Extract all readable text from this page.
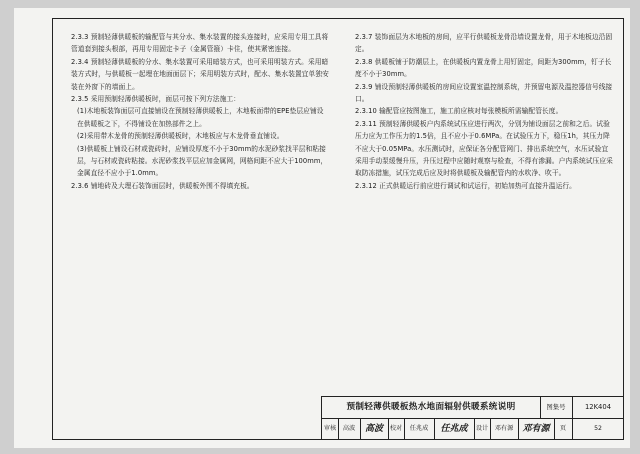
2.3.3 预制轻薄供暖板的输配管与其分水、集水装置的接头连接时，应采用专用工具将管道套到接头根部，再用专用固定卡子（金属管箍）卡住，使其紧密连接。

2.3.4 预制轻薄供暖板的分水、集水装置可采用暗装方式，也可采用明装方式。采用暗装方式时，与供暖板一起埋在地面面层下；采用明装方式时，配水、集水装置宜单独安装在外窗下的墙面上。

2.3.5 采用预制轻薄供暖板时，面层可按下列方法施工：

(1)木地板装饰面层可直接铺设在预制轻薄供暖板上，木地板面带的EPE垫层应铺设在供暖板之下，不得铺设在加热部件之上。

(2)采用带木龙骨的预制轻薄供暖板时，木地板应与木龙骨垂直铺设。

(3)供暖板上铺设石材或瓷砖时，应铺设厚度不小于30mm的水泥砂浆找平层和粘接层，与石材或瓷砖粘接。水泥砂浆找平层应加金属网，网格间距不应大于100mm，金属直径不应小于1.0mm。

2.3.6 铺地砖及大理石装饰面层时，供暖板外围不得填充板。

2.3.7 装饰面层为木地板的房间，应平行供暖板龙骨沿墙设置龙骨，用于木地板边沿固定。

2.3.8 供暖板铺于防潮层上，在供暖板内置龙骨上用钉固定，间距为300mm，钉子长度不小于30mm。

2.3.9 铺设预制轻薄供暖板的房间应设置室温控制系统，并预留电源及温控器信号线接口。

2.3.10 输配管应按图施工，施工前应核对每张模板所需输配管长度。

2.3.11 预制轻薄供暖板户内系统试压应进行两次，分别为铺设面层之前和之后。试验压力应为工作压力的1.5倍，且不应小于0.6MPa。在试验压力下，稳压1h，其压力降不应大于0.05MPa。水压测试时，应保证各分配管网门、排出系统空气，水压试验宜采用手动泵缓慢升压，升压过程中应随时观察与检查，不得有渗漏。户内系统试压应采取防冻措施，试压完成后应及时将供暖板及输配管内的水吹净、吹干。

2.3.12 正式供暖运行前应进行调试和试运行，初始加热可直接升温运行。

预制轻薄供暖板热水地面辐射供暖系统说明	图集号	12K404
审核	高波	高波	校对	任兆成	任兆成	设计	邓有源	邓有源	页	52
